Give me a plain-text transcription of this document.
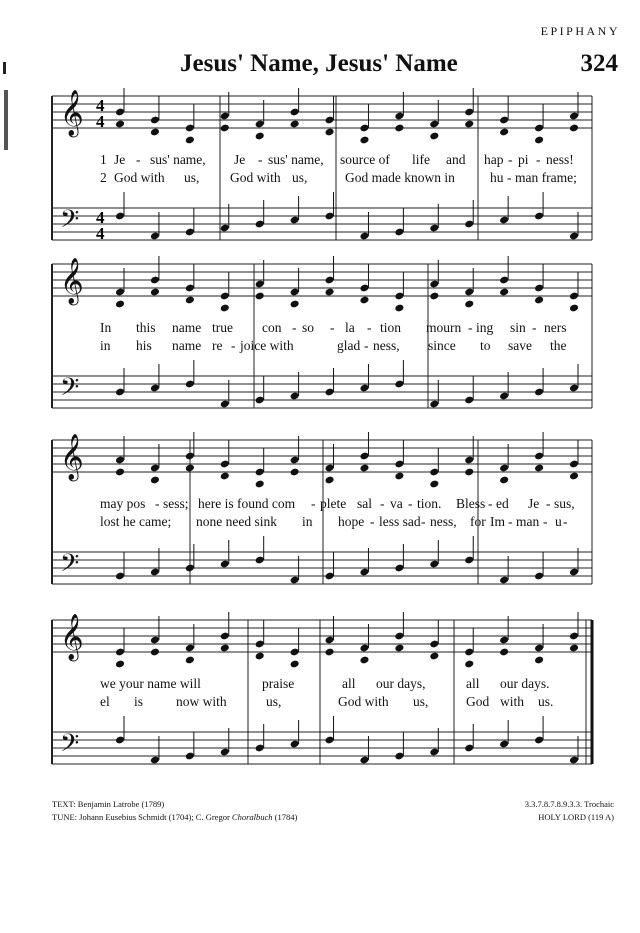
EPIPHANY
Jesus' Name, Jesus' Name	324
𝄞 4
4
𝄢 4
4
𝄞
𝄢
𝄞
𝄢
𝄞
𝄢
1 Je - sus' name, Je - sus' name, source of life and hap - pi - ness!
2 God with us, God with us,	God made known in	hu - man frame;
In this name true con - so - la - tion mourn - ing sin - ners
in his name re - joice with	glad - ness, since to save the
may pos - sess; here is found com - plete sal - va - tion. Bless - ed Je - sus,
lost he came; none need sink in hope - less sad - ness, for Im - man - u -
we your name will	praise	all our days,	all our days.
el is now with	us,	God with us,	God with us.
TEXT: Benjamin Latrobe (1789)
TUNE: Johann Eusebius Schmidt (1704); C. Gregor Choralbuch (1784)
3.3.7.8.7.8.9.3.3. Trochaic
HOLY LORD (119 A)
